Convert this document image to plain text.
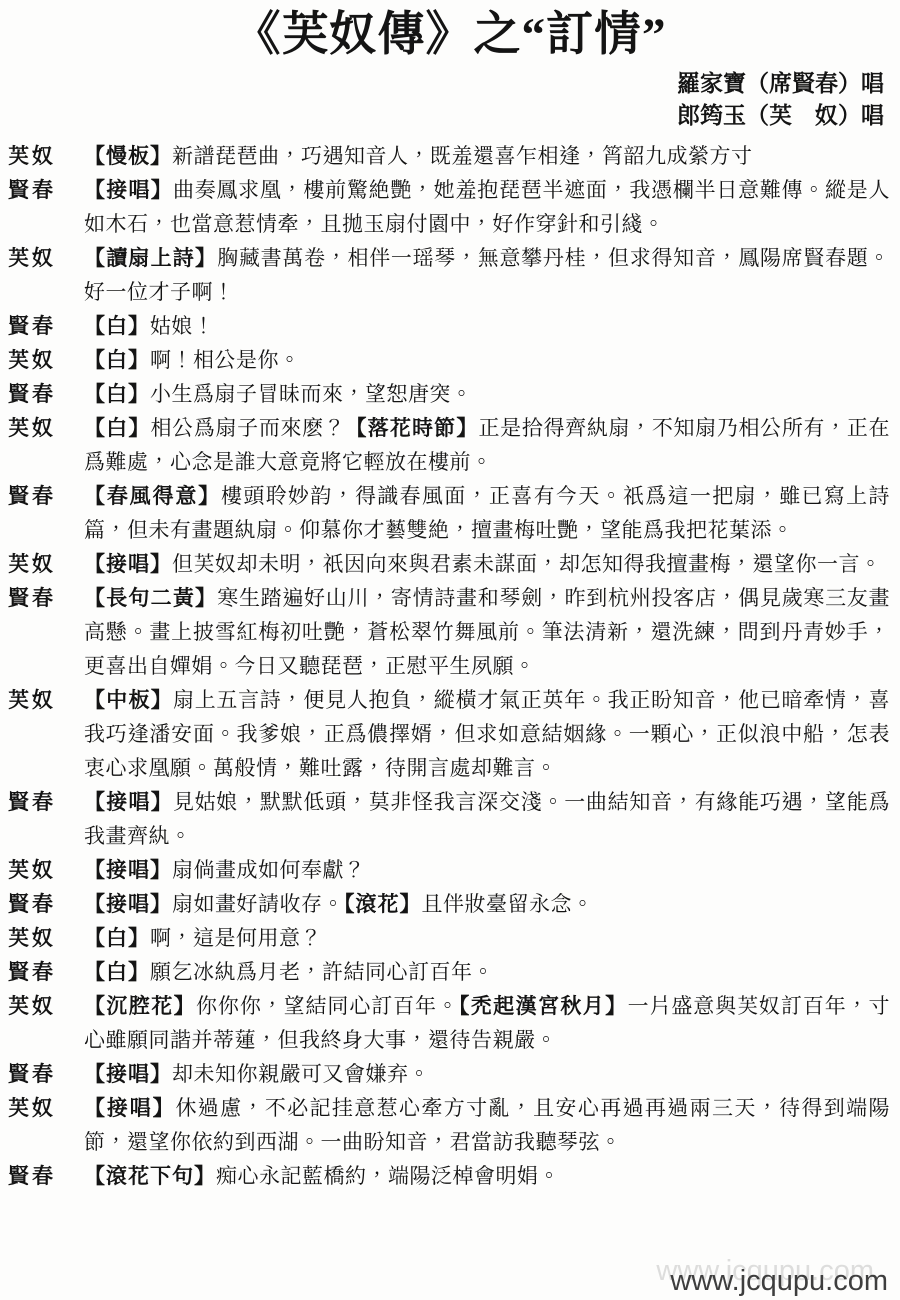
《芙奴傳》之“訂情”
羅家寶（席賢春）唱
郎筠玉（芙　奴）唱
芙奴	【慢板】新譜琵琶曲，巧遇知音人，既羞還喜乍相逢，筲韶九成縈方寸
賢春	【接唱】曲奏鳳求凰，樓前驚絶艷，她羞抱琵琶半遮面，我憑欄半日意難傳。縱是人如木石，也當意惹情牽，且拋玉扇付園中，好作穿針和引綫。
芙奴	【讀扇上詩】胸藏書萬卷，相伴一瑶琴，無意攀丹桂，但求得知音，鳳陽席賢春題。好一位才子啊！
賢春	【白】姑娘！
芙奴	【白】啊！相公是你。
賢春	【白】小生爲扇子冒昧而來，望恕唐突。
芙奴	【白】相公爲扇子而來麽？【落花時節】正是拾得齊紈扇，不知扇乃相公所有，正在爲難處，心念是誰大意竟將它輕放在樓前。
賢春	【春風得意】樓頭聆妙韵，得識春風面，正喜有今天。祇爲這一把扇，雖已寫上詩篇，但未有畫題紈扇。仰慕你才藝雙絶，擅畫梅吐艷，望能爲我把花葉添。
芙奴	【接唱】但芙奴却未明，祇因向來與君素未謀面，却怎知得我擅畫梅，還望你一言。
賢春	【長句二黃】寒生踏遍好山川，寄情詩畫和琴劍，昨到杭州投客店，偶見歲寒三友畫高懸。畫上披雪紅梅初吐艷，蒼松翠竹舞風前。筆法清新，還洗練，問到丹青妙手，更喜出自嬋娟。今日又聽琵琶，正慰平生夙願。
芙奴	【中板】扇上五言詩，便見人抱負，縱橫才氣正英年。我正盼知音，他已暗牽情，喜我巧逢潘安面。我爹娘，正爲儂擇婿，但求如意結姻緣。一顆心，正似浪中船，怎表衷心求凰願。萬般情，難吐露，待開言處却難言。
賢春	【接唱】見姑娘，默默低頭，莫非怪我言深交淺。一曲結知音，有緣能巧遇，望能爲我畫齊紈。
芙奴	【接唱】扇倘畫成如何奉獻？
賢春	【接唱】扇如畫好請收存。【滾花】且伴妝臺留永念。
芙奴	【白】啊，這是何用意？
賢春	【白】願乞冰紈爲月老，許結同心訂百年。
芙奴	【沉腔花】你你你，望結同心訂百年。【禿起漢宮秋月】一片盛意與芙奴訂百年，寸心雖願同諧并蒂蓮，但我終身大事，還待告親嚴。
賢春	【接唱】却未知你親嚴可又會嫌弃。
芙奴	【接唱】休過慮，不必記挂意惹心牽方寸亂，且安心再過再過兩三天，待得到端陽節，還望你依約到西湖。一曲盼知音，君當訪我聽琴弦。
賢春	【滾花下句】痴心永記藍橋約，端陽泛棹會明娟。
www.jcqupu.com
